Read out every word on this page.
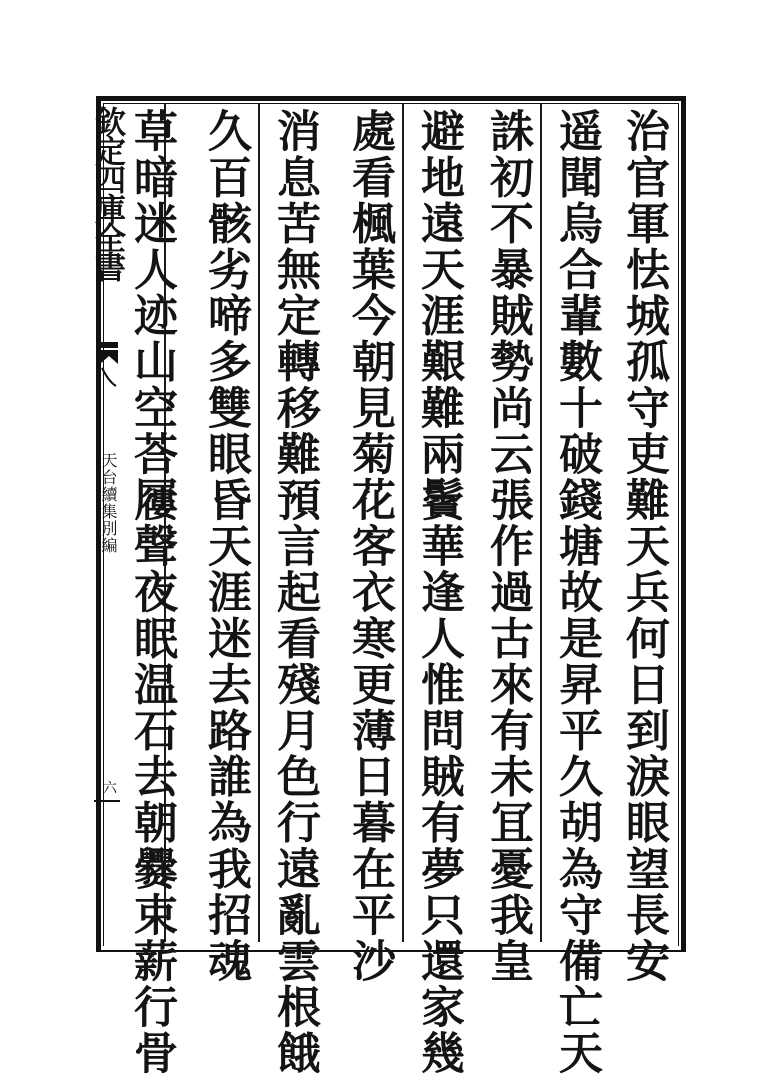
治官軍怯城孤守吏難天兵何日到淚眼望長安
遥聞烏合輩數十破錢塘故是昇平久胡為守備亡天
誅初不暴賊勢尚云張作過古來有未冝憂我皇
避地遠天涯艱難兩鬢華逢人惟問賊有夢只還家幾
處看楓葉今朝見菊花客衣寒更薄日暮在平沙
消息苦無定轉移難預言起看殘月色行遠亂雲根餓
久百骸劣啼多雙眼昏天涯迷去路誰為我招魂
草暗迷人迹山空荅屨聲夜眠温石去朝爨束薪行骨
欽定四庫全書
天台續集別編
六
